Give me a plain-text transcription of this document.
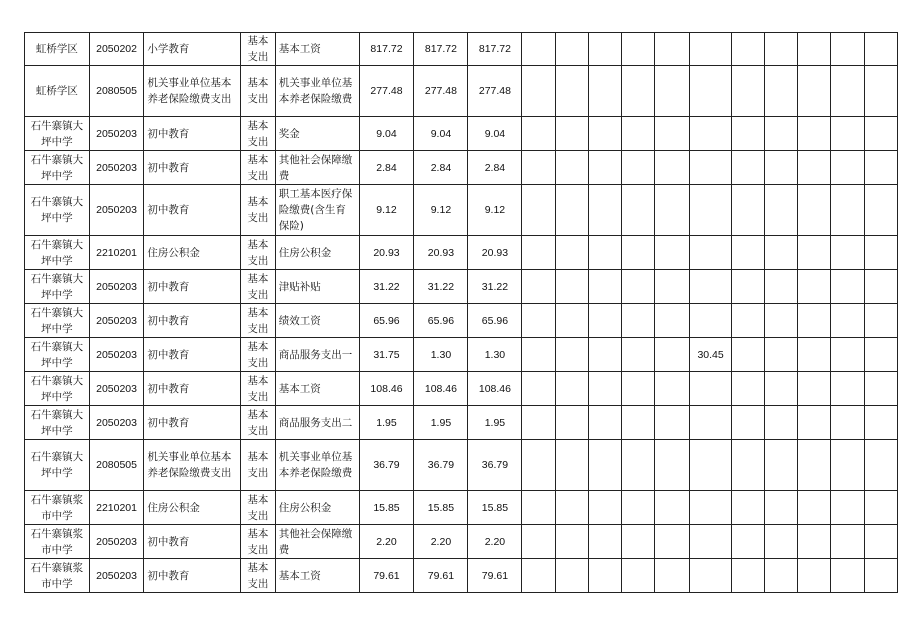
虹桥学区	2050202	小学教育	基本支出	基本工资	817.72	817.72	817.72											
虹桥学区	2080505	机关事业单位基本养老保险缴费支出	基本支出	机关事业单位基本养老保险缴费	277.48	277.48	277.48											
石牛寨镇大坪中学	2050203	初中教育	基本支出	奖金	9.04	9.04	9.04											
石牛寨镇大坪中学	2050203	初中教育	基本支出	其他社会保障缴费	2.84	2.84	2.84											
石牛寨镇大坪中学	2050203	初中教育	基本支出	职工基本医疗保险缴费(含生育保险)	9.12	9.12	9.12											
石牛寨镇大坪中学	2210201	住房公积金	基本支出	住房公积金	20.93	20.93	20.93											
石牛寨镇大坪中学	2050203	初中教育	基本支出	津贴补贴	31.22	31.22	31.22											
石牛寨镇大坪中学	2050203	初中教育	基本支出	绩效工资	65.96	65.96	65.96											
石牛寨镇大坪中学	2050203	初中教育	基本支出	商品服务支出一	31.75	1.30	1.30						30.45					
石牛寨镇大坪中学	2050203	初中教育	基本支出	基本工资	108.46	108.46	108.46											
石牛寨镇大坪中学	2050203	初中教育	基本支出	商品服务支出二	1.95	1.95	1.95											
石牛寨镇大坪中学	2080505	机关事业单位基本养老保险缴费支出	基本支出	机关事业单位基本养老保险缴费	36.79	36.79	36.79											
石牛寨镇浆市中学	2210201	住房公积金	基本支出	住房公积金	15.85	15.85	15.85											
石牛寨镇浆市中学	2050203	初中教育	基本支出	其他社会保障缴费	2.20	2.20	2.20											
石牛寨镇浆市中学	2050203	初中教育	基本支出	基本工资	79.61	79.61	79.61											
